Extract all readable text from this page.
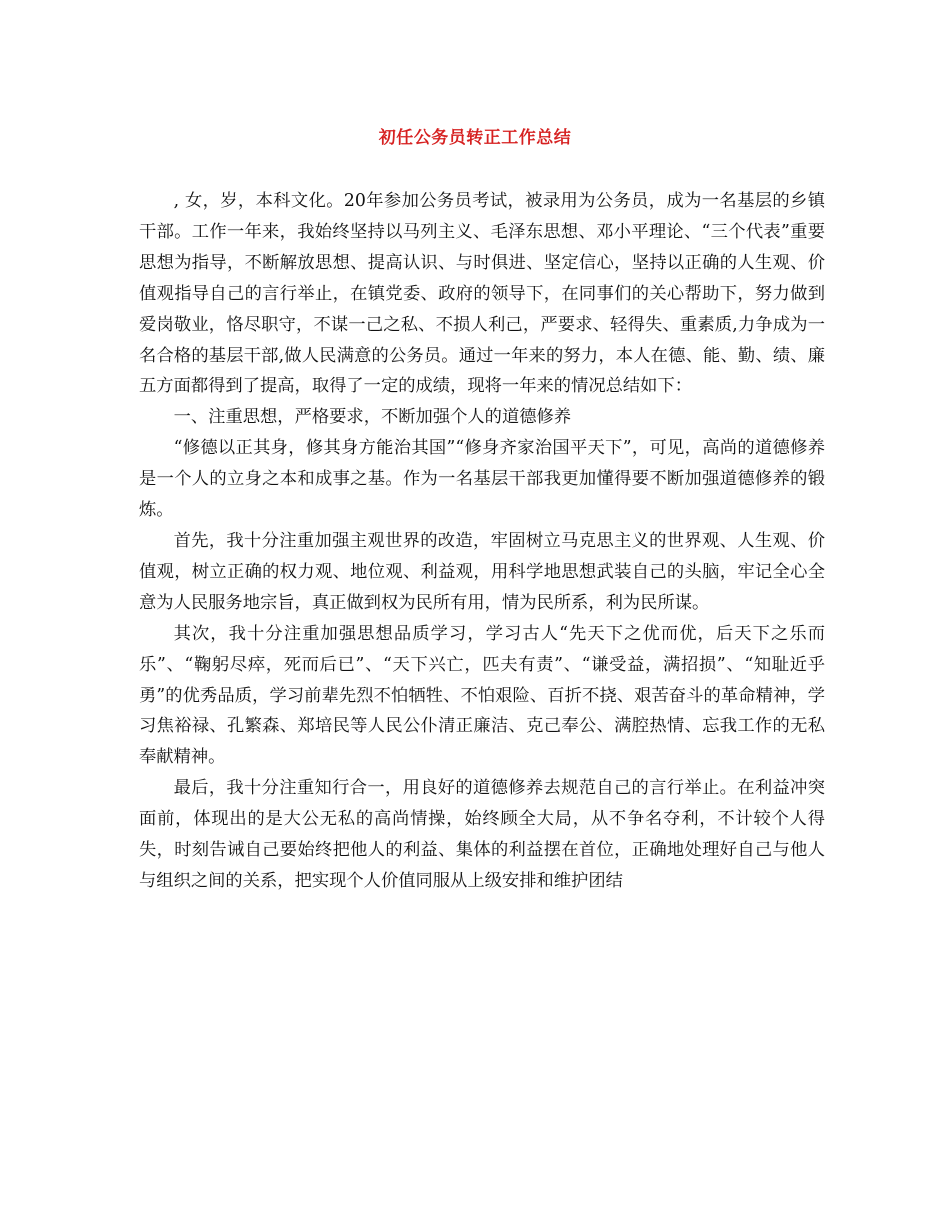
初任公务员转正工作总结

, 女，岁，本科文化。20年参加公务员考试，被录用为公务员，成为一名基层的乡镇干部。工作一年来，我始终坚持以马列主义、毛泽东思想、邓小平理论、“三个代表”重要思想为指导，不断解放思想、提高认识、与时俱进、坚定信心，坚持以正确的人生观、价值观指导自己的言行举止，在镇党委、政府的领导下，在同事们的关心帮助下，努力做到爱岗敬业，恪尽职守，不谋一己之私、不损人利己，严要求、轻得失、重素质,力争成为一名合格的基层干部,做人民满意的公务员。通过一年来的努力，本人在德、能、勤、绩、廉五方面都得到了提高，取得了一定的成绩，现将一年来的情况总结如下：

一、注重思想，严格要求，不断加强个人的道德修养

“修德以正其身，修其身方能治其国”“修身齐家治国平天下”，可见，高尚的道德修养是一个人的立身之本和成事之基。作为一名基层干部我更加懂得要不断加强道德修养的锻炼。

首先，我十分注重加强主观世界的改造，牢固树立马克思主义的世界观、人生观、价值观，树立正确的权力观、地位观、利益观，用科学地思想武装自己的头脑，牢记全心全意为人民服务地宗旨，真正做到权为民所有用，情为民所系，利为民所谋。

其次，我十分注重加强思想品质学习，学习古人“先天下之优而优，后天下之乐而乐”、“鞠躬尽瘁，死而后已”、“天下兴亡，匹夫有责”、“谦受益，满招损”、“知耻近乎勇”的优秀品质，学习前辈先烈不怕牺牲、不怕艰险、百折不挠、艰苦奋斗的革命精神，学习焦裕禄、孔繁森、郑培民等人民公仆清正廉洁、克己奉公、满腔热情、忘我工作的无私奉献精神。

最后，我十分注重知行合一，用良好的道德修养去规范自己的言行举止。在利益冲突面前，体现出的是大公无私的高尚情操，始终顾全大局，从不争名夺利，不计较个人得失，时刻告诫自己要始终把他人的利益、集体的利益摆在首位，正确地处理好自己与他人与组织之间的关系，把实现个人价值同服从上级安排和维护团结
